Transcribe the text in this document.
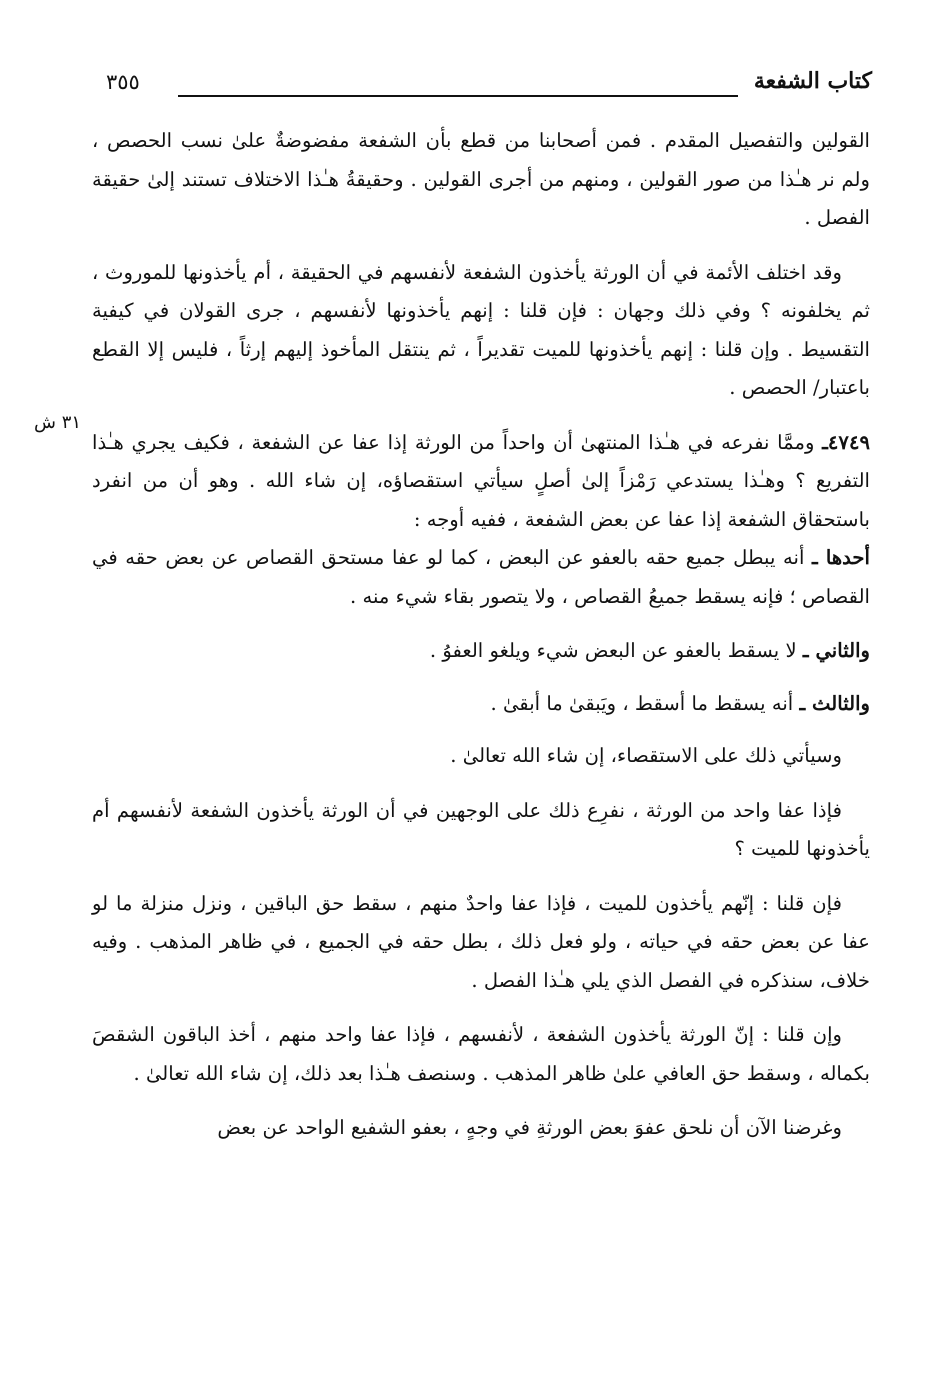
كتاب الشفعة
٣٥٥
٣١ ش

القولين والتفصيل المقدم . فمن أصحابنا من قطع بأن الشفعة مفضوضةٌ علىٰ نسب الحصص ، ولم نر هـٰذا من صور القولين ، ومنهم من أجرى القولين . وحقيقةُ هـٰذا الاختلاف تستند إلىٰ حقيقة الفصل .

وقد اختلف الأئمة في أن الورثة يأخذون الشفعة لأنفسهم في الحقيقة ، أم يأخذونها للموروث ، ثم يخلفونه ؟ وفي ذلك وجهان : فإن قلنا : إنهم يأخذونها لأنفسهم ، جرى القولان في كيفية التقسيط . وإن قلنا : إنهم يأخذونها للميت تقديراً ، ثم ينتقل المأخوذ إليهم إرثاً ، فليس إلا القطع باعتبار/ الحصص .

٤٧٤٩ـ وممَّا نفرعه في هـٰذا المنتهىٰ أن واحداً من الورثة إذا عفا عن الشفعة ، فكيف يجري هـٰذا التفريع ؟ وهـٰذا يستدعي رَمْزاً إلىٰ أصلٍ سيأتي استقصاؤه، إن شاء الله . وهو أن من انفرد باستحقاق الشفعة إذا عفا عن بعض الشفعة ، ففيه أوجه :
أحدها ـ أنه يبطل جميع حقه بالعفو عن البعض ، كما لو عفا مستحق القصاص عن بعض حقه في القصاص ؛ فإنه يسقط جميعُ القصاص ، ولا يتصور بقاء شيء منه .

والثاني ـ لا يسقط بالعفو عن البعض شيء ويلغو العفوُ .

والثالث ـ أنه يسقط ما أسقط ، ويَبقىٰ ما أبقىٰ .

وسيأتي ذلك على الاستقصاء، إن شاء الله تعالىٰ .

فإذا عفا واحد من الورثة ، نفرِع ذلك على الوجهين في أن الورثة يأخذون الشفعة لأنفسهم أم يأخذونها للميت ؟

فإن قلنا : إنّهم يأخذون للميت ، فإذا عفا واحدٌ منهم ، سقط حق الباقين ، ونزل منزلة ما لو عفا عن بعض حقه في حياته ، ولو فعل ذلك ، بطل حقه في الجميع ، في ظاهر المذهب . وفيه خلاف، سنذكره في الفصل الذي يلي هـٰذا الفصل .

وإن قلنا : إنّ الورثة يأخذون الشفعة ، لأنفسهم ، فإذا عفا واحد منهم ، أخذ الباقون الشقصَ بكماله ، وسقط حق العافي علىٰ ظاهر المذهب . وسنصف هـٰذا بعد ذلك، إن شاء الله تعالىٰ .

وغرضنا الآن أن نلحق عفوَ بعض الورثةِ في وجهٍ ، بعفو الشفيع الواحد عن بعض
